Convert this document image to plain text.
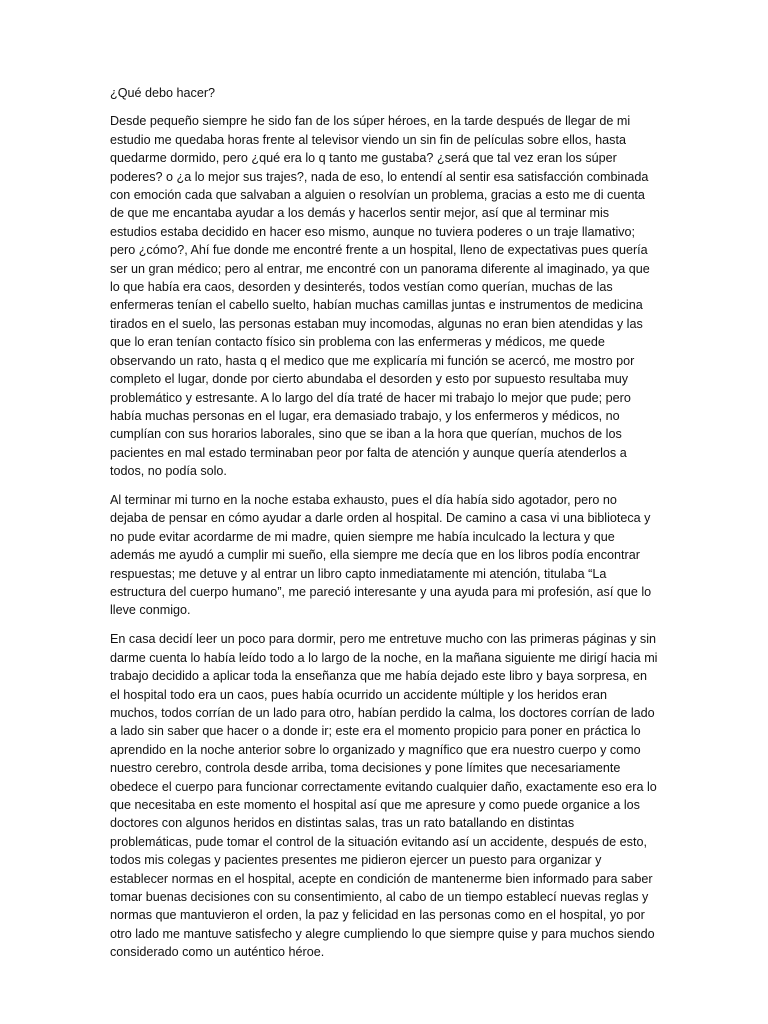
¿Qué debo hacer?

Desde pequeño siempre he sido fan de los súper héroes, en la tarde después de llegar de mi estudio me quedaba horas frente al televisor viendo un sin fin de películas sobre ellos, hasta quedarme dormido, pero ¿qué era lo q tanto me gustaba? ¿será que tal vez eran los súper poderes? o ¿a lo mejor sus trajes?, nada de eso, lo entendí al sentir esa satisfacción combinada con emoción cada que salvaban a alguien o resolvían un problema, gracias a esto me di cuenta de que me encantaba ayudar a los demás y hacerlos sentir mejor, así que al terminar mis estudios estaba decidido en hacer eso mismo, aunque no tuviera poderes o un traje llamativo; pero ¿cómo?, Ahí fue donde me encontré frente a un hospital, lleno de expectativas pues quería ser un gran médico; pero al entrar, me encontré con un panorama diferente al imaginado, ya que lo que había era caos, desorden y desinterés, todos vestían como querían, muchas de las enfermeras tenían el cabello suelto, habían muchas camillas juntas e instrumentos de medicina tirados en el suelo, las personas estaban muy incomodas, algunas no eran bien atendidas y las que lo eran tenían contacto físico sin problema con las enfermeras y médicos, me quede observando un rato, hasta q el medico que me explicaría mi función se acercó, me mostro por completo el lugar, donde por cierto abundaba el desorden y esto por supuesto resultaba muy problemático y estresante. A lo largo del día traté de hacer mi trabajo lo mejor que pude; pero había muchas personas en el lugar, era demasiado trabajo, y los enfermeros y médicos, no cumplían con sus horarios laborales, sino que se iban a la hora que querían, muchos de los pacientes en mal estado terminaban peor por falta de atención y aunque quería atenderlos a todos, no podía solo.

Al terminar mi turno en la noche estaba exhausto, pues el día había sido agotador, pero no dejaba de pensar en cómo ayudar a darle orden al hospital. De camino a casa vi una biblioteca y no pude evitar acordarme de mi madre, quien siempre me había inculcado la lectura y que además me ayudó a cumplir mi sueño, ella siempre me decía que en los libros podía encontrar respuestas; me detuve y al entrar un libro capto inmediatamente mi atención, titulaba “La estructura del cuerpo humano”, me pareció interesante y una ayuda para mi profesión, así que lo lleve conmigo.

En casa decidí leer un poco para dormir, pero me entretuve mucho con las primeras páginas y sin darme cuenta lo había leído todo a lo largo de la noche, en la mañana siguiente me dirigí hacia mi trabajo decidido a aplicar toda la enseñanza que me había dejado este libro y baya sorpresa, en el hospital todo era un caos, pues había ocurrido un accidente múltiple y los heridos eran muchos, todos corrían de un lado para otro, habían perdido la calma, los doctores corrían de lado a lado sin saber que hacer o a donde ir; este era el momento propicio para poner en práctica lo aprendido en la noche anterior sobre lo organizado y magnífico que era nuestro cuerpo y como nuestro cerebro, controla desde arriba, toma decisiones y pone límites que necesariamente obedece el cuerpo para funcionar correctamente evitando cualquier daño, exactamente eso era lo que necesitaba en este momento el hospital así que me apresure y como puede organice a los doctores con algunos heridos en distintas salas, tras un rato batallando en distintas problemáticas, pude tomar el control de la situación evitando así un accidente, después de esto, todos mis colegas y pacientes presentes me pidieron ejercer un puesto para organizar y establecer normas en el hospital, acepte en condición de mantenerme bien informado para saber tomar buenas decisiones con su consentimiento, al cabo de un tiempo establecí nuevas reglas y normas que mantuvieron el orden, la paz y felicidad en las personas como en el hospital, yo por otro lado me mantuve satisfecho y alegre cumpliendo lo que siempre quise y para muchos siendo considerado como un auténtico héroe.
